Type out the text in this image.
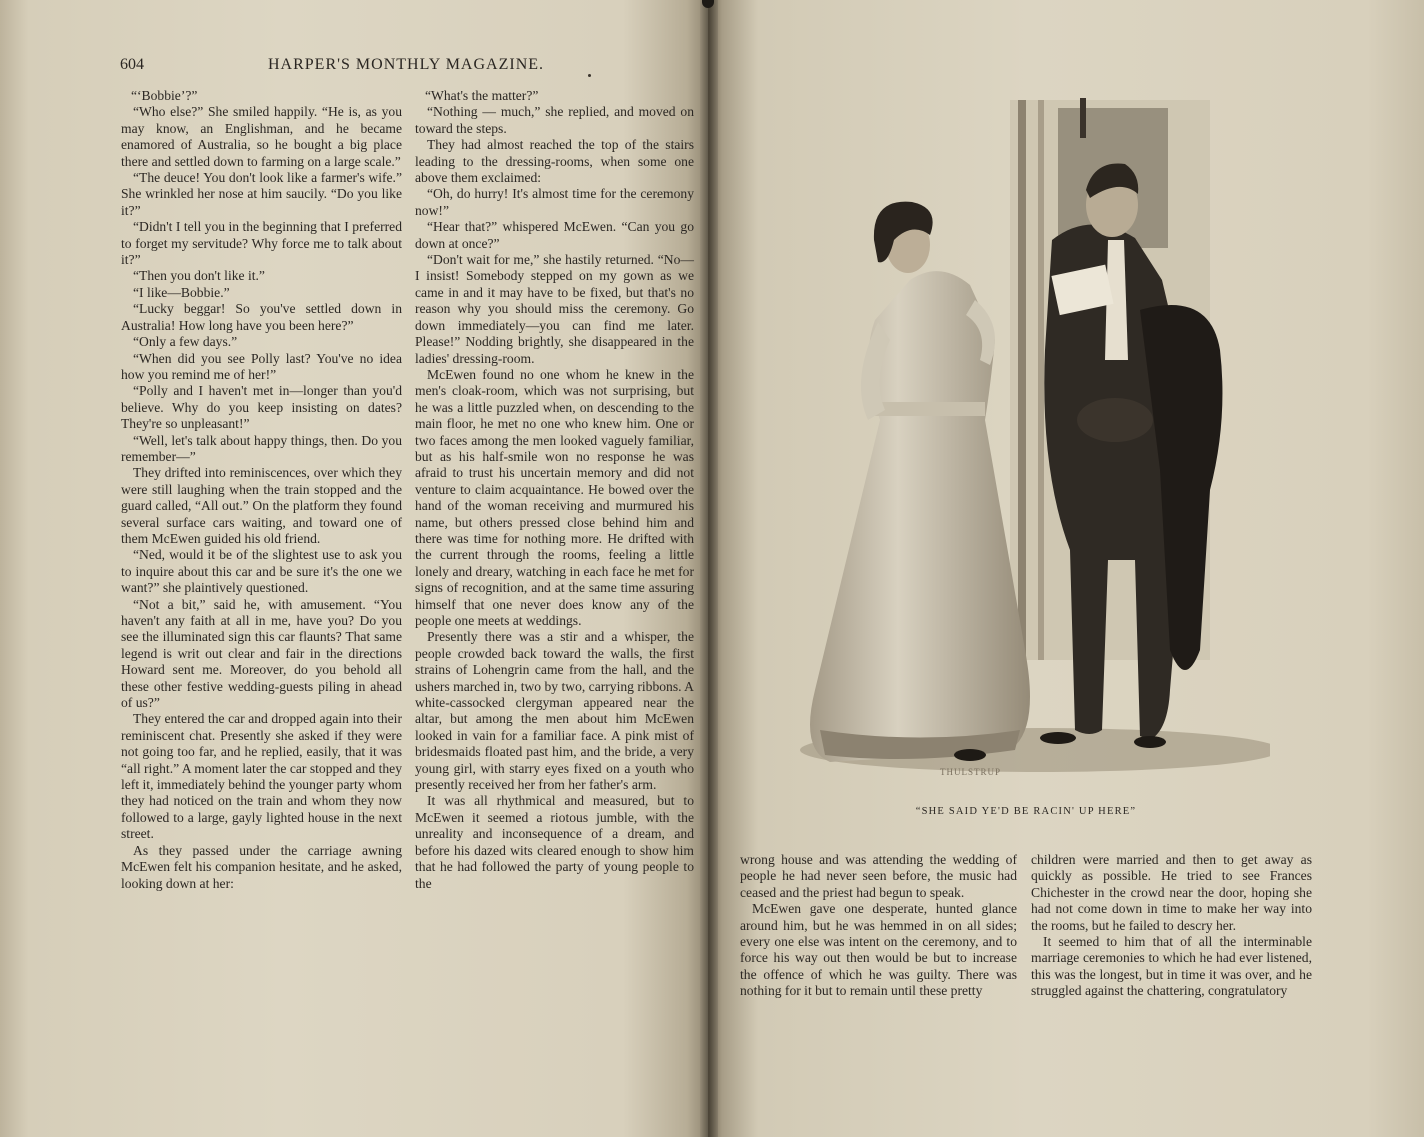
604	HARPER'S MONTHLY MAGAZINE.

“‘Bobbie’?”

“Who else?” She smiled happily. “He is, as you may know, an Englishman, and he became enamored of Australia, so he bought a big place there and settled down to farming on a large scale.”

“The deuce! You don't look like a farmer's wife.” She wrinkled her nose at him saucily. “Do you like it?”

“Didn't I tell you in the beginning that I preferred to forget my servitude? Why force me to talk about it?”

“Then you don't like it.”

“I like—Bobbie.”

“Lucky beggar! So you've settled down in Australia! How long have you been here?”

“Only a few days.”

“When did you see Polly last? You've no idea how you remind me of her!”

“Polly and I haven't met in—longer than you'd believe. Why do you keep insisting on dates? They're so unpleasant!”

“Well, let's talk about happy things, then. Do you remember—”

They drifted into reminiscences, over which they were still laughing when the train stopped and the guard called, “All out.” On the platform they found several surface cars waiting, and toward one of them McEwen guided his old friend.

“Ned, would it be of the slightest use to ask you to inquire about this car and be sure it's the one we want?” she plaintively questioned.

“Not a bit,” said he, with amusement. “You haven't any faith at all in me, have you? Do you see the illuminated sign this car flaunts? That same legend is writ out clear and fair in the directions Howard sent me. Moreover, do you behold all these other festive wedding-guests piling in ahead of us?”

They entered the car and dropped again into their reminiscent chat. Presently she asked if they were not going too far, and he replied, easily, that it was “all right.” A moment later the car stopped and they left it, immediately behind the younger party whom they had noticed on the train and whom they now followed to a large, gayly lighted house in the next street.

As they passed under the carriage awning McEwen felt his companion hesitate, and he asked, looking down at her:

“What's the matter?”

“Nothing — much,” she replied, and moved on toward the steps.

They had almost reached the top of the stairs leading to the dressing-rooms, when some one above them exclaimed:

“Oh, do hurry! It's almost time for the ceremony now!”

“Hear that?” whispered McEwen. “Can you go down at once?”

“Don't wait for me,” she hastily returned. “No—I insist! Somebody stepped on my gown as we came in and it may have to be fixed, but that's no reason why you should miss the ceremony. Go down immediately—you can find me later. Please!” Nodding brightly, she disappeared in the ladies' dressing-room.

McEwen found no one whom he knew in the men's cloak-room, which was not surprising, but he was a little puzzled when, on descending to the main floor, he met no one who knew him. One or two faces among the men looked vaguely familiar, but as his half-smile won no response he was afraid to trust his uncertain memory and did not venture to claim acquaintance. He bowed over the hand of the woman receiving and murmured his name, but others pressed close behind him and there was time for nothing more. He drifted with the current through the rooms, feeling a little lonely and dreary, watching in each face he met for signs of recognition, and at the same time assuring himself that one never does know any of the people one meets at weddings.

Presently there was a stir and a whisper, the people crowded back toward the walls, the first strains of Lohengrin came from the hall, and the ushers marched in, two by two, carrying ribbons. A white-cassocked clergyman appeared near the altar, but among the men about him McEwen looked in vain for a familiar face. A pink mist of bridesmaids floated past him, and the bride, a very young girl, with starry eyes fixed on a youth who presently received her from her father's arm.

It was all rhythmical and measured, but to McEwen it seemed a riotous jumble, with the unreality and inconsequence of a dream, and before his dazed wits cleared enough to show him that he had followed the party of young people to the

THULSTRUP
“SHE SAID YE'D BE RACIN' UP HERE”

wrong house and was attending the wedding of people he had never seen before, the music had ceased and the priest had begun to speak.

McEwen gave one desperate, hunted glance around him, but he was hemmed in on all sides; every one else was intent on the ceremony, and to force his way out then would be but to increase the offence of which he was guilty. There was nothing for it but to remain until these pretty

children were married and then to get away as quickly as possible. He tried to see Frances Chichester in the crowd near the door, hoping she had not come down in time to make her way into the rooms, but he failed to descry her.

It seemed to him that of all the interminable marriage ceremonies to which he had ever listened, this was the longest, but in time it was over, and he struggled against the chattering, congratulatory
